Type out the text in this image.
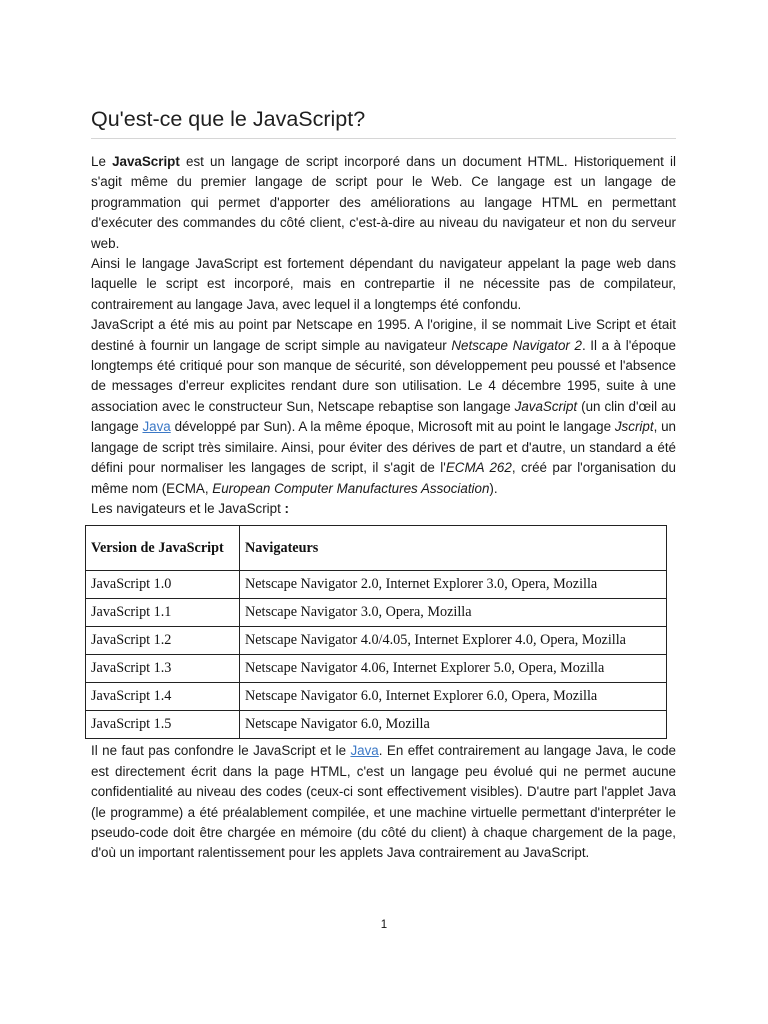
Qu'est-ce que le JavaScript?

Le JavaScript est un langage de script incorporé dans un document HTML. Historiquement il s'agit même du premier langage de script pour le Web. Ce langage est un langage de programmation qui permet d'apporter des améliorations au langage HTML en permettant d'exécuter des commandes du côté client, c'est-à-dire au niveau du navigateur et non du serveur web.

Ainsi le langage JavaScript est fortement dépendant du navigateur appelant la page web dans laquelle le script est incorporé, mais en contrepartie il ne nécessite pas de compilateur, contrairement au langage Java, avec lequel il a longtemps été confondu.

JavaScript a été mis au point par Netscape en 1995. A l'origine, il se nommait Live Script et était destiné à fournir un langage de script simple au navigateur Netscape Navigator 2. Il a à l'époque longtemps été critiqué pour son manque de sécurité, son développement peu poussé et l'absence de messages d'erreur explicites rendant dure son utilisation. Le 4 décembre 1995, suite à une association avec le constructeur Sun, Netscape rebaptise son langage JavaScript (un clin d'œil au langage Java développé par Sun). A la même époque, Microsoft mit au point le langage Jscript, un langage de script très similaire. Ainsi, pour éviter des dérives de part et d'autre, un standard a été défini pour normaliser les langages de script, il s'agit de l'ECMA 262, créé par l'organisation du même nom (ECMA, European Computer Manufactures Association).

Les navigateurs et le JavaScript :

Version de JavaScript	Navigateurs
JavaScript 1.0	Netscape Navigator 2.0, Internet Explorer 3.0, Opera, Mozilla
JavaScript 1.1	Netscape Navigator 3.0, Opera, Mozilla
JavaScript 1.2	Netscape Navigator 4.0/4.05, Internet Explorer 4.0, Opera, Mozilla
JavaScript 1.3	Netscape Navigator 4.06, Internet Explorer 5.0, Opera, Mozilla
JavaScript 1.4	Netscape Navigator 6.0, Internet Explorer 6.0, Opera, Mozilla
JavaScript 1.5	Netscape Navigator 6.0, Mozilla

Il ne faut pas confondre le JavaScript et le Java. En effet contrairement au langage Java, le code est directement écrit dans la page HTML, c'est un langage peu évolué qui ne permet aucune confidentialité au niveau des codes (ceux-ci sont effectivement visibles). D'autre part l'applet Java (le programme) a été préalablement compilée, et une machine virtuelle permettant d'interpréter le pseudo-code doit être chargée en mémoire (du côté du client) à chaque chargement de la page, d'où un important ralentissement pour les applets Java contrairement au JavaScript.

1
